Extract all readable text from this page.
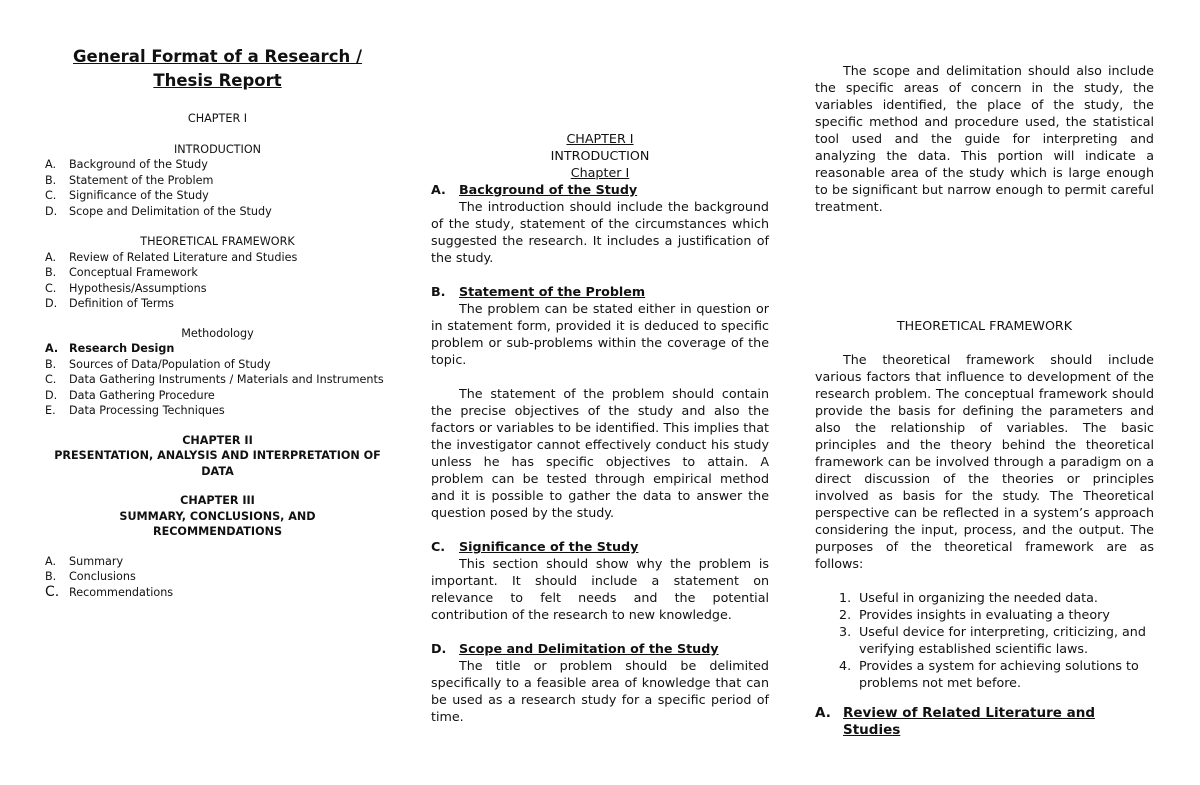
General Format of a Research /
Thesis Report
CHAPTER I
INTRODUCTION
A. Background of the Study
B. Statement of the Problem
C. Significance of the Study
D. Scope and Delimitation of the Study
THEORETICAL FRAMEWORK
A. Review of Related Literature and Studies
B. Conceptual Framework
C. Hypothesis/Assumptions
D. Definition of Terms
Methodology
A. Research Design
B. Sources of Data/Population of Study
C. Data Gathering Instruments / Materials and Instruments
D. Data Gathering Procedure
E. Data Processing Techniques
CHAPTER II
PRESENTATION, ANALYSIS AND INTERPRETATION OF DATA
CHAPTER III
SUMMARY, CONCLUSIONS, AND RECOMMENDATIONS
A. Summary
B. Conclusions
C. Recommendations
CHAPTER I
INTRODUCTION
Chapter I
A. Background of the Study
The introduction should include the background of the study, statement of the circumstances which suggested the research. It includes a justification of the study.
B. Statement of the Problem
The problem can be stated either in question or in statement form, provided it is deduced to specific problem or sub-problems within the coverage of the topic.
The statement of the problem should contain the precise objectives of the study and also the factors or variables to be identified. This implies that the investigator cannot effectively conduct his study unless he has specific objectives to attain. A problem can be tested through empirical method and it is possible to gather the data to answer the question posed by the study.
C. Significance of the Study
This section should show why the problem is important. It should include a statement on relevance to felt needs and the potential contribution of the research to new knowledge.
D. Scope and Delimitation of the Study
The title or problem should be delimited specifically to a feasible area of knowledge that can be used as a research study for a specific period of time.
The scope and delimitation should also include the specific areas of concern in the study, the variables identified, the place of the study, the specific method and procedure used, the statistical tool used and the guide for interpreting and analyzing the data. This portion will indicate a reasonable area of the study which is large enough to be significant but narrow enough to permit careful treatment.
THEORETICAL FRAMEWORK
The theoretical framework should include various factors that influence to development of the research problem. The conceptual framework should provide the basis for defining the parameters and also the relationship of variables. The basic principles and the theory behind the theoretical framework can be involved through a paradigm on a direct discussion of the theories or principles involved as basis for the study. The Theoretical perspective can be reflected in a system’s approach considering the input, process, and the output. The purposes of the theoretical framework are as follows:
1. Useful in organizing the needed data.
2. Provides insights in evaluating a theory
3. Useful device for interpreting, criticizing, and verifying established scientific laws.
4. Provides a system for achieving solutions to problems not met before.
A. Review of Related Literature and Studies
